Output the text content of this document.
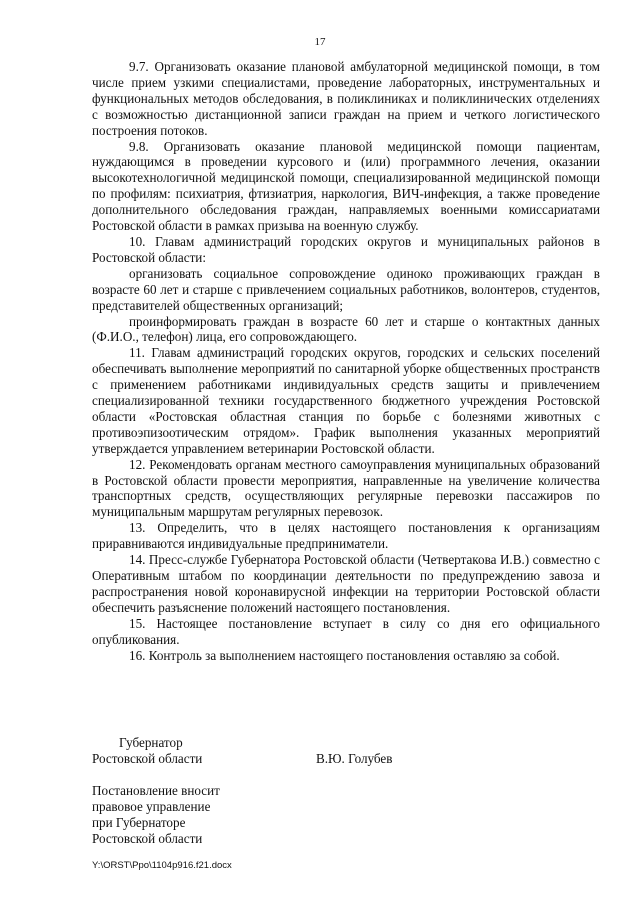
17

9.7. Организовать оказание плановой амбулаторной медицинской помощи, в том числе прием узкими специалистами, проведение лабораторных, инструментальных и функциональных методов обследования, в поликлиниках и поликлинических отделениях с возможностью дистанционной записи граждан на прием и четкого логистического построения потоков.

9.8. Организовать оказание плановой медицинской помощи пациентам, нуждающимся в проведении курсового и (или) программного лечения, оказании высокотехнологичной медицинской помощи, специализированной медицинской помощи по профилям: психиатрия, фтизиатрия, наркология, ВИЧ-инфекция, а также проведение дополнительного обследования граждан, направляемых военными комиссариатами Ростовской области в рамках призыва на военную службу.

10. Главам администраций городских округов и муниципальных районов в Ростовской области:

организовать социальное сопровождение одиноко проживающих граждан в возрасте 60 лет и старше с привлечением социальных работников, волонтеров, студентов, представителей общественных организаций;

проинформировать граждан в возрасте 60 лет и старше о контактных данных (Ф.И.О., телефон) лица, его сопровождающего.

11. Главам администраций городских округов, городских и сельских поселений обеспечивать выполнение мероприятий по санитарной уборке общественных пространств с применением работниками индивидуальных средств защиты и привлечением специализированной техники государственного бюджетного учреждения Ростовской области «Ростовская областная станция по борьбе с болезнями животных с противоэпизоотическим отрядом». График выполнения указанных мероприятий утверждается управлением ветеринарии Ростовской области.

12. Рекомендовать органам местного самоуправления муниципальных образований в Ростовской области провести мероприятия, направленные на увеличение количества транспортных средств, осуществляющих регулярные перевозки пассажиров по муниципальным маршрутам регулярных перевозок.

13. Определить, что в целях настоящего постановления к организациям приравниваются индивидуальные предприниматели.

14. Пресс-службе Губернатора Ростовской области (Четвертакова И.В.) совместно с Оперативным штабом по координации деятельности по предупреждению завоза и распространения новой коронавирусной инфекции на территории Ростовской области обеспечить разъяснение положений настоящего постановления.

15. Настоящее постановление вступает в силу со дня его официального опубликования.

16. Контроль за выполнением настоящего постановления оставляю за собой.

Губернатор
Ростовской области	В.Ю. Голубев
Постановление вносит
правовое управление
при Губернаторе
Ростовской области
Y:\ORST\Ppo\1104p916.f21.docx
